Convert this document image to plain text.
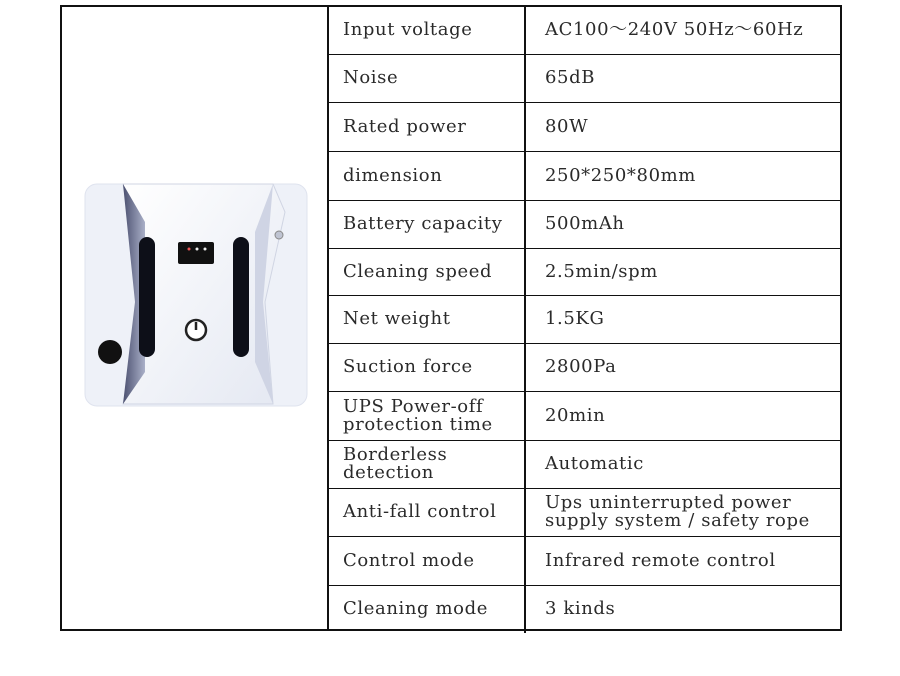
Input voltage	AC100～240V 50Hz～60Hz
Noise	65dB
Rated power	80W
dimension	250*250*80mm
Battery capacity	500mAh
Cleaning speed	2.5min/spm
Net weight	1.5KG
Suction force	2800Pa
UPS Power-off protection time	20min
Borderless detection	Automatic
Anti-fall control	Ups uninterrupted power supply system / safety rope
Control mode	Infrared remote control
Cleaning mode	3 kinds
